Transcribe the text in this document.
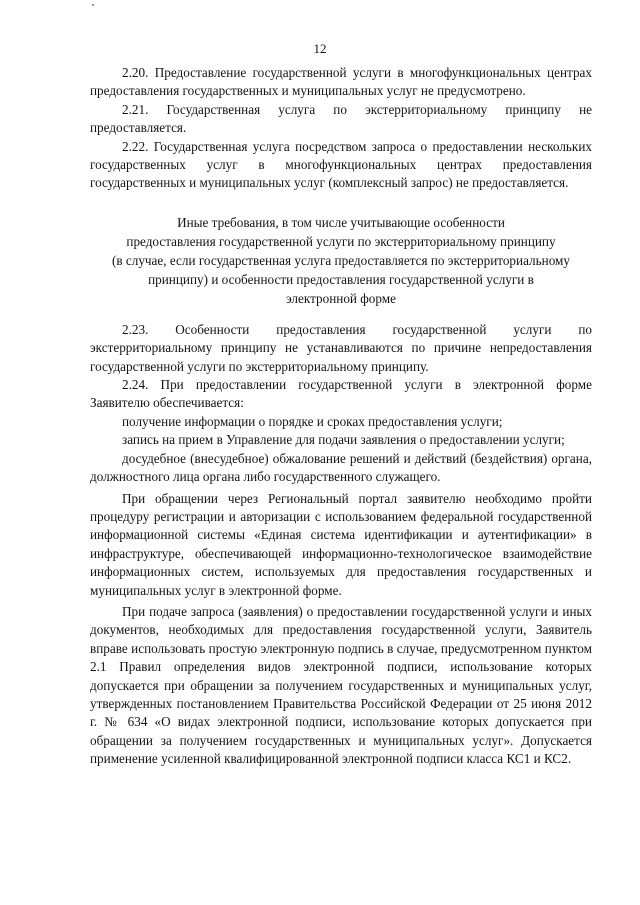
12

2.20. Предоставление государственной услуги в многофункциональных центрах предоставления государственных и муниципальных услуг не предусмотрено.

2.21. Государственная услуга по экстерриториальному принципу не предоставляется.

2.22. Государственная услуга посредством запроса о предоставлении нескольких государственных услуг в многофункциональных центрах предоставления государственных и муниципальных услуг (комплексный запрос) не предоставляется.

Иные требования, в том числе учитывающие особенности
предоставления государственной услуги по экстерриториальному принципу
(в случае, если государственная услуга предоставляется по экстерриториальному
принципу) и особенности предоставления государственной услуги в
электронной форме

2.23. Особенности предоставления государственной услуги по экстерриториальному принципу не устанавливаются по причине непредоставления государственной услуги по экстерриториальному принципу.

2.24. При предоставлении государственной услуги в электронной форме Заявителю обеспечивается:

получение информации о порядке и сроках предоставления услуги;

запись на прием в Управление для подачи заявления о предоставлении услуги;

досудебное (внесудебное) обжалование решений и действий (бездействия) органа, должностного лица органа либо государственного служащего.

При обращении через Региональный портал заявителю необходимо пройти процедуру регистрации и авторизации с использованием федеральной государственной информационной системы «Единая система идентификации и аутентификации» в инфраструктуре, обеспечивающей информационно-технологическое взаимодействие информационных систем, используемых для предоставления государственных и муниципальных услуг в электронной форме.

При подаче запроса (заявления) о предоставлении государственной услуги и иных документов, необходимых для предоставления государственной услуги, Заявитель вправе использовать простую электронную подпись в случае, предусмотренном пунктом 2.1 Правил определения видов электронной подписи, использование которых допускается при обращении за получением государственных и муниципальных услуг, утвержденных постановлением Правительства Российской Федерации от 25 июня 2012 г. № 634 «О видах электронной подписи, использование которых допускается при обращении за получением государственных и муниципальных услуг». Допускается применение усиленной квалифицированной электронной подписи класса КС1 и КС2.
